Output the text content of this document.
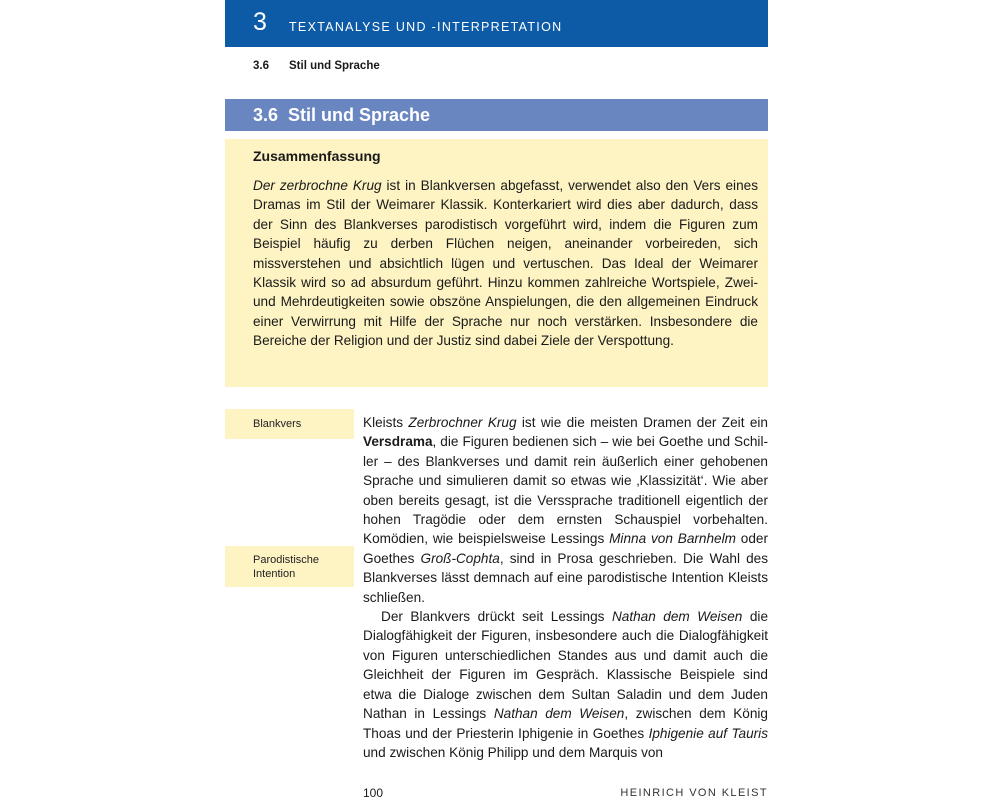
3 TEXTANALYSE UND -INTERPRETATION
3.6 Stil und Sprache
3.6  Stil und Sprache
Zusammenfassung
Der zerbrochne Krug ist in Blankversen abgefasst, verwendet also den Vers eines Dramas im Stil der Weimarer Klassik. Konterkariert wird dies aber dadurch, dass der Sinn des Blankverses parodistisch vorgeführt wird, indem die Figuren zum Beispiel häufig zu derben Flüchen neigen, aneinander vorbeireden, sich missverstehen und absichtlich lügen und vertuschen. Das Ideal der Weimarer Klassik wird so ad absurdum geführt. Hinzu kommen zahlreiche Wortspiele, Zwei- und Mehrdeutigkeiten sowie obszöne Anspielungen, die den allgemeinen Eindruck einer Verwirrung mit Hilfe der Sprache nur noch verstärken. Insbesondere die Bereiche der Religion und der Justiz sind dabei Ziele der Verspottung.
Blankvers
Parodistische
Intention

Kleists Zerbrochner Krug ist wie die meisten Dramen der Zeit ein Versdrama, die Figuren bedienen sich – wie bei Goethe und Schiller – des Blankverses und damit rein äußerlich einer gehobenen Sprache und simulieren damit so etwas wie ‚Klassizität‘. Wie aber oben bereits gesagt, ist die Verssprache traditionell eigentlich der hohen Tragödie oder dem ernsten Schauspiel vorbehalten. Komödien, wie beispielsweise Lessings Minna von Barnhelm oder Goethes Groß-Cophta, sind in Prosa geschrieben. Die Wahl des Blankverses lässt demnach auf eine parodistische Intention Kleists schließen.

Der Blankvers drückt seit Lessings Nathan dem Weisen die Dialogfähigkeit der Figuren, insbesondere auch die Dialogfähigkeit von Figuren unterschiedlichen Standes aus und damit auch die Gleichheit der Figuren im Gespräch. Klassische Beispiele sind etwa die Dialoge zwischen dem Sultan Saladin und dem Juden Nathan in Lessings Nathan dem Weisen, zwischen dem König Thoas und der Priesterin Iphigenie in Goethes Iphigenie auf Tauris und zwischen König Philipp und dem Marquis von

100	HEINRICH VON KLEIST
